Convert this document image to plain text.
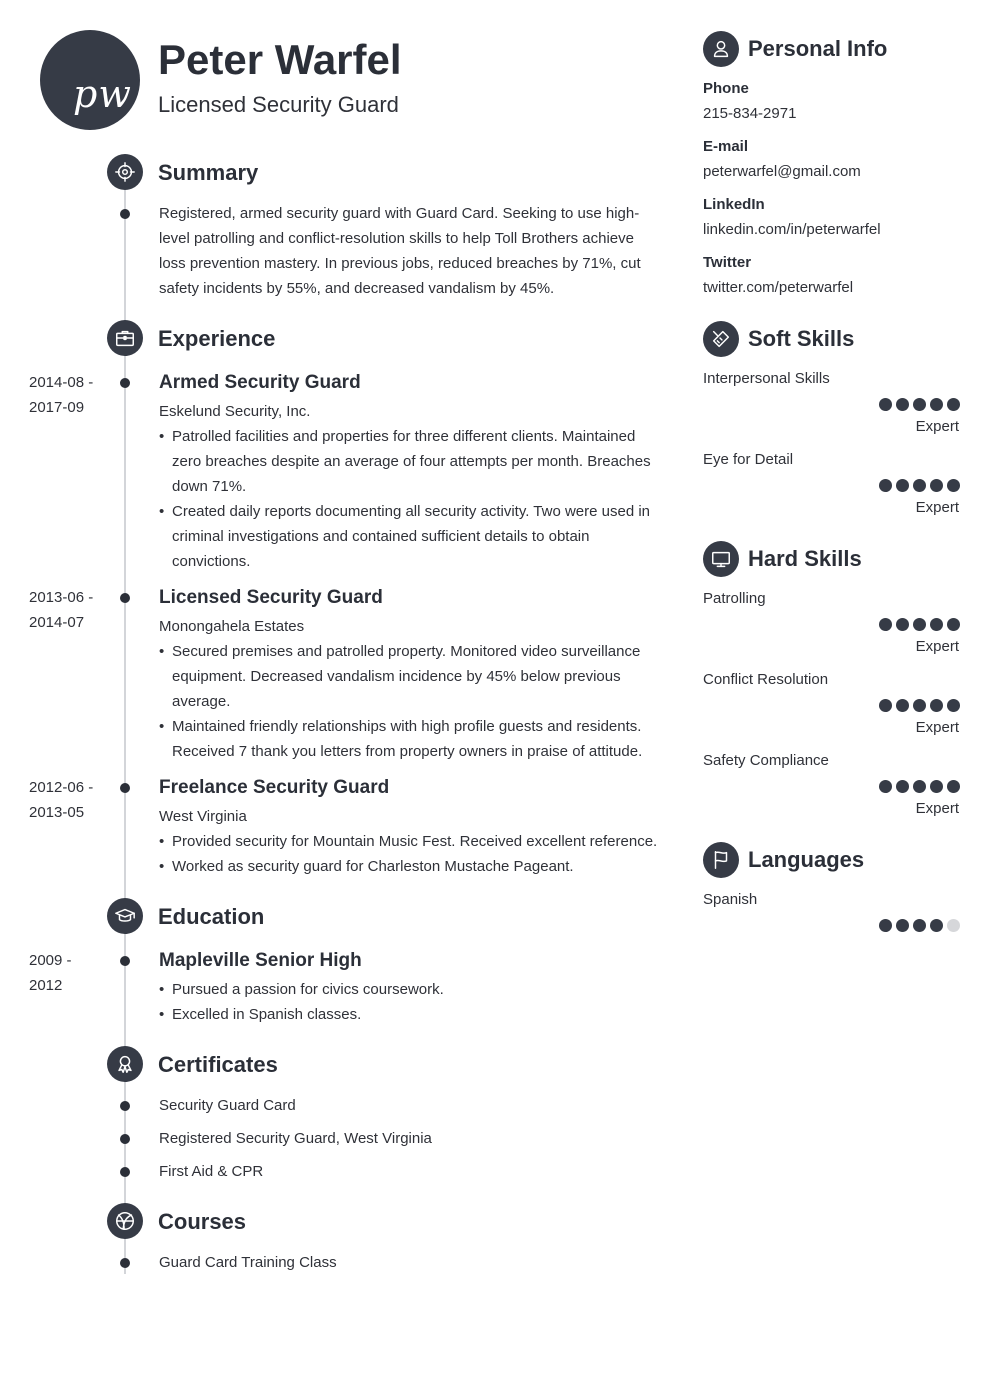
pw
Peter Warfel
Licensed Security Guard
Summary
Registered, armed security guard with Guard Card. Seeking to use high-level patrolling and conflict-resolution skills to help Toll Brothers achieve loss prevention mastery. In previous jobs, reduced breaches by 71%, cut safety incidents by 55%, and decreased vandalism by 45%.
Experience
2014-08 -
2017-09
Armed Security Guard
Eskelund Security, Inc.
• Patrolled facilities and properties for three different clients. Maintained zero breaches despite an average of four attempts per month. Breaches down 71%.
• Created daily reports documenting all security activity. Two were used in criminal investigations and contained sufficient details to obtain convictions.
2013-06 -
2014-07
Licensed Security Guard
Monongahela Estates
• Secured premises and patrolled property. Monitored video surveillance equipment. Decreased vandalism incidence by 45% below previous average.
• Maintained friendly relationships with high profile guests and residents. Received 7 thank you letters from property owners in praise of attitude.
2012-06 -
2013-05
Freelance Security Guard
West Virginia
• Provided security for Mountain Music Fest. Received excellent reference.
• Worked as security guard for Charleston Mustache Pageant.
Education
2009 -
2012
Mapleville Senior High
• Pursued a passion for civics coursework.
• Excelled in Spanish classes.
Certificates
Security Guard Card
Registered Security Guard, West Virginia
First Aid & CPR
Courses
Guard Card Training Class
Personal Info
Phone
215-834-2971
E-mail
peterwarfel@gmail.com
LinkedIn
linkedin.com/in/peterwarfel
Twitter
twitter.com/peterwarfel
Soft Skills
Interpersonal Skills
Expert
Eye for Detail
Expert
Hard Skills
Patrolling
Expert
Conflict Resolution
Expert
Safety Compliance
Expert
Languages
Spanish
